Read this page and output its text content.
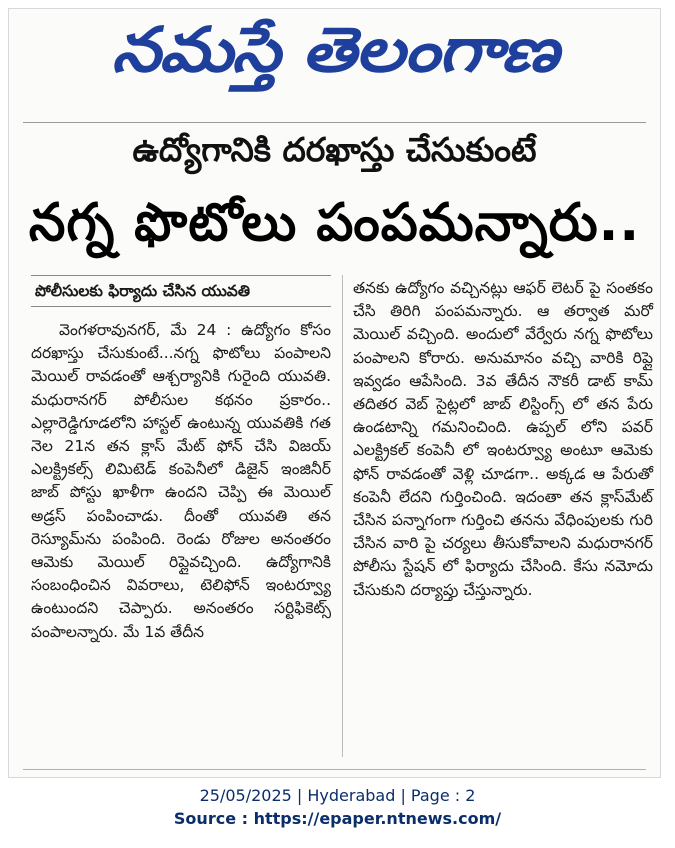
నమస్తే తెలంగాణ
ఉద్యోగానికి దరఖాస్తు చేసుకుంటే
నగ్న ఫొటోలు పంపమన్నారు..
పోలీసులకు ఫిర్యాదు చేసిన యువతి

వెంగళరావునగర్, మే 24 : ఉద్యోగం కోసం దరఖాస్తు చేసుకుంటే...నగ్న ఫొటోలు పంపాలని మెయిల్ రావడంతో ఆశ్చర్యానికి గురైంది యువతి. మధురానగర్ పోలీసుల కథనం ప్రకారం.. ఎల్లారెడ్డిగూడలోని హాస్టల్ ఉంటున్న యువతికి గత నెల 21న తన క్లాస్ మేట్ ఫోన్ చేసి విజయ్ ఎలక్ట్రికల్స్ లిమిటెడ్ కంపెనీలో డిజైన్ ఇంజినీర్ జాబ్ పోస్టు ఖాళీగా ఉందని చెప్పి ఈ మెయిల్ అడ్రస్ పంపించాడు. దీంతో యువతి తన రెస్యూమ్‌ను పంపింది. రెండు రోజుల అనంతరం ఆమెకు మెయిల్ రిప్లైవచ్చింది. ఉద్యోగానికి సంబంధించిన వివరాలు, టెలిఫోన్ ఇంటర్వ్యూ ఉంటుందని చెప్పారు. అనంతరం సర్టిఫికెట్స్ పంపాలన్నారు. మే 1వ తేదీన

తనకు ఉద్యోగం వచ్చినట్లు ఆఫర్ లెటర్ పై సంతకం చేసి తిరిగి పంపమన్నారు. ఆ తర్వాత మరో మెయిల్ వచ్చింది. అందులో వేర్వేరు నగ్న ఫొటోలు పంపాలని కోరారు. అనుమానం వచ్చి వారికి రిప్లై ఇవ్వడం ఆపేసింది. 3వ తేదీన నౌకరీ డాట్ కామ్ తదితర వెబ్ సైట్లలో జాబ్ లిస్టింగ్స్ లో తన పేరు ఉండటాన్ని గమనించింది. ఉప్పల్ లోని పవర్ ఎలక్ట్రికల్ కంపెనీ లో ఇంటర్వ్యూ అంటూ ఆమెకు ఫోన్ రావడంతో వెళ్లి చూడగా.. అక్కడ ఆ పేరుతో కంపెనీ లేదని గుర్తించింది. ఇదంతా తన క్లాస్‌మేట్ చేసిన పన్నాగంగా గుర్తించి తనను వేధింపులకు గురి చేసిన వారి పై చర్యలు తీసుకోవాలని మధురానగర్ పోలీసు స్టేషన్ లో ఫిర్యాదు చేసింది. కేసు నమోదు చేసుకుని దర్యాప్తు చేస్తున్నారు.

25/05/2025 | Hyderabad | Page : 2
Source : https://epaper.ntnews.com/
